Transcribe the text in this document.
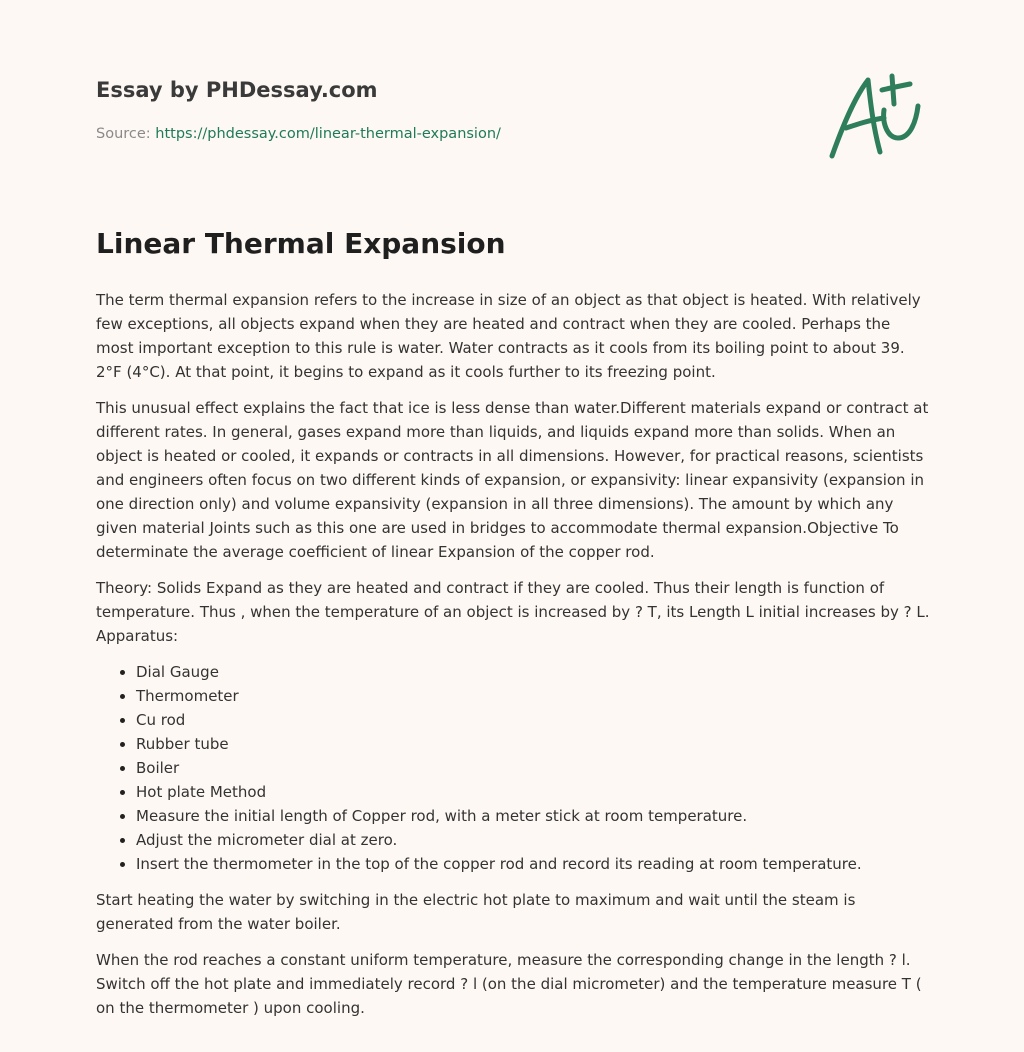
Essay by PHDessay.com
Source: https://phdessay.com/linear-thermal-expansion/
Linear Thermal Expansion

The term thermal expansion refers to the increase in size of an object as that object is heated. With relatively few exceptions, all objects expand when they are heated and contract when they are cooled. Perhaps the most important exception to this rule is water. Water contracts as it cools from its boiling point to about 39. 2°F (4°C). At that point, it begins to expand as it cools further to its freezing point.

This unusual effect explains the fact that ice is less dense than water.Different materials expand or contract at different rates. In general, gases expand more than liquids, and liquids expand more than solids. When an object is heated or cooled, it expands or contracts in all dimensions. However, for practical reasons, scientists and engineers often focus on two different kinds of expansion, or expansivity: linear expansivity (expansion in one direction only) and volume expansivity (expansion in all three dimensions). The amount by which any given material Joints such as this one are used in bridges to accommodate thermal expansion.Objective To determinate the average coefficient of linear Expansion of the copper rod.

Theory: Solids Expand as they are heated and contract if they are cooled. Thus their length is function of temperature. Thus , when the temperature of an object is increased by ? T, its Length L initial increases by ? L. Apparatus:

• Dial Gauge
• Thermometer
• Cu rod
• Rubber tube
• Boiler
• Hot plate Method
• Measure the initial length of Copper rod, with a meter stick at room temperature.
• Adjust the micrometer dial at zero.
• Insert the thermometer in the top of the copper rod and record its reading at room temperature.

Start heating the water by switching in the electric hot plate to maximum and wait until the steam is generated from the water boiler.

When the rod reaches a constant uniform temperature, measure the corresponding change in the length ? l. Switch off the hot plate and immediately record ? l (on the dial micrometer) and the temperature measure T ( on the thermometer ) upon cooling.
